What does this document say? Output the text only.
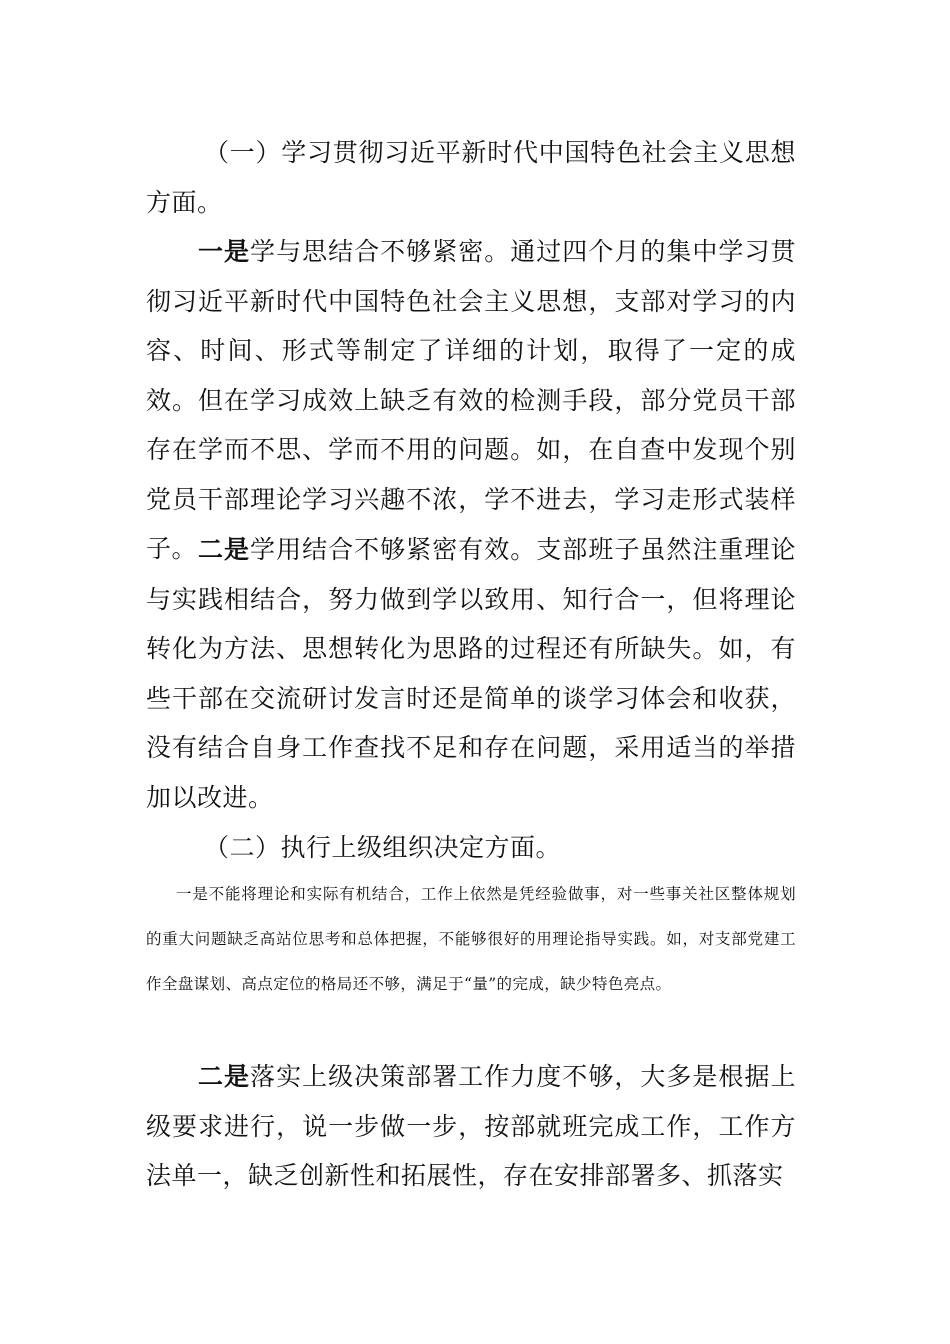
（一）学习贯彻习近平新时代中国特色社会主义思想方面。

一是学与思结合不够紧密。通过四个月的集中学习贯彻习近平新时代中国特色社会主义思想，支部对学习的内容、时间、形式等制定了详细的计划，取得了一定的成效。但在学习成效上缺乏有效的检测手段，部分党员干部存在学而不思、学而不用的问题。如，在自查中发现个别党员干部理论学习兴趣不浓，学不进去，学习走形式装样子。 二是学用结合不够紧密有效。支部班子虽然注重理论与实践相结合，努力做到学以致用、知行合一，但将理论转化为方法、思想转化为思路的过程还有所缺失。如，有些干部在交流研讨发言时还是简单的谈学习体会和收获，没有结合自身工作查找不足和存在问题，采用适当的举措加以改进。

（二）执行上级组织决定方面。

一是不能将理论和实际有机结合，工作上依然是凭经验做事，对一些事关社区整体规划的重大问题缺乏高站位思考和总体把握，不能够很好的用理论指导实践。如，对支部党建工作全盘谋划、高点定位的格局还不够，满足于“量”的完成，缺少特色亮点。

二是落实上级决策部署工作力度不够，大多是根据上级要求进行，说一步做一步，按部就班完成工作，工作方法单一，缺乏创新性和拓展性，存在安排部署多、抓落实
